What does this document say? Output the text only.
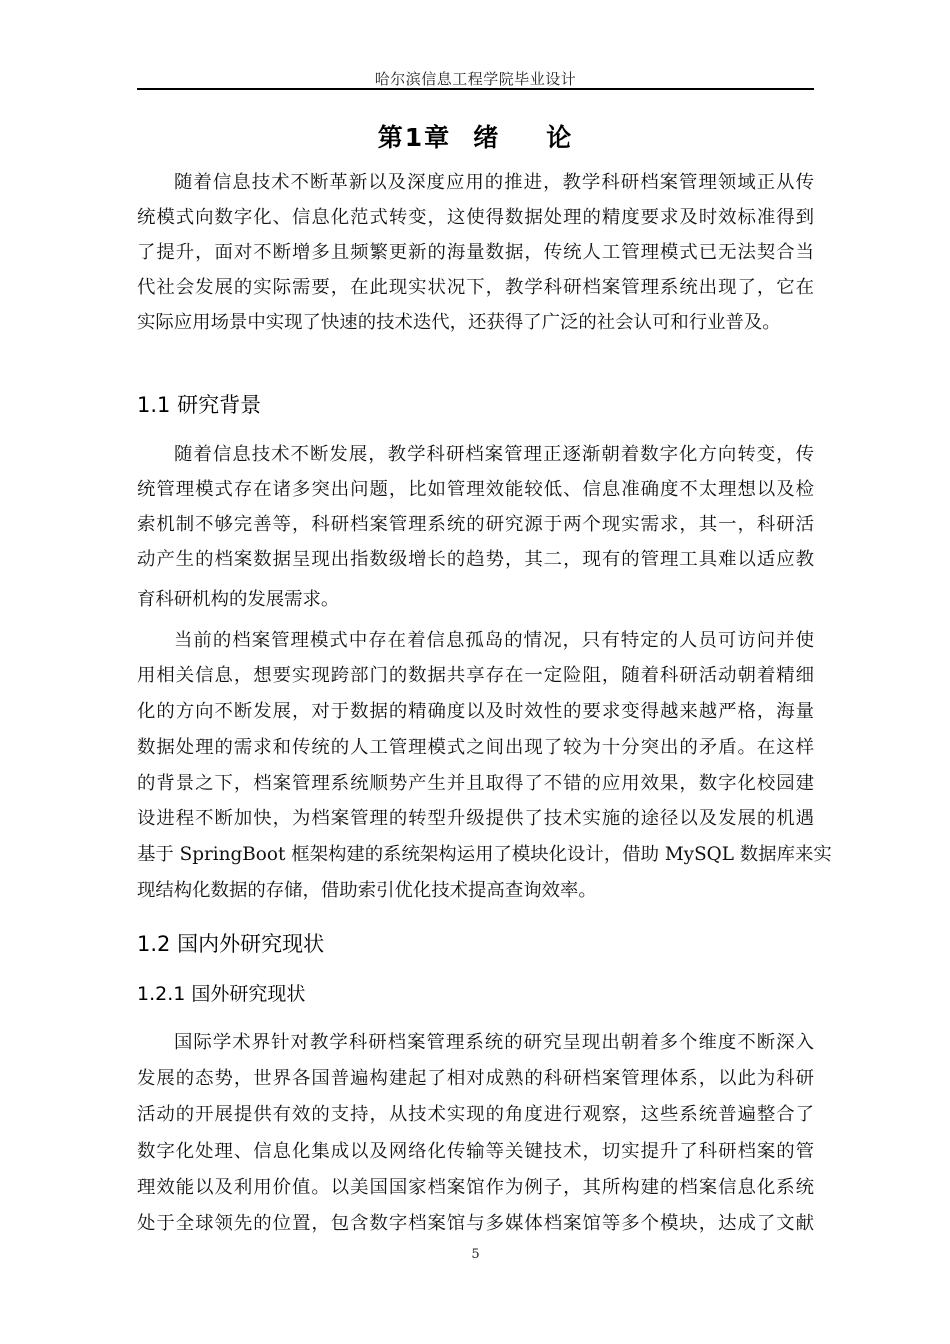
哈尔滨信息工程学院毕业设计
第1章 绪 论
随着信息技术不断革新以及深度应用的推进，教学科研档案管理领域正从传
统模式向数字化、信息化范式转变，这使得数据处理的精度要求及时效标准得到
了提升，面对不断增多且频繁更新的海量数据，传统人工管理模式已无法契合当
代社会发展的实际需要，在此现实状况下，教学科研档案管理系统出现了，它在
实际应用场景中实现了快速的技术迭代，还获得了广泛的社会认可和行业普及。
1.1 研究背景
随着信息技术不断发展，教学科研档案管理正逐渐朝着数字化方向转变，传
统管理模式存在诸多突出问题，比如管理效能较低、信息准确度不太理想以及检
索机制不够完善等，科研档案管理系统的研究源于两个现实需求，其一，科研活
动产生的档案数据呈现出指数级增长的趋势，其二，现有的管理工具难以适应教
育科研机构的发展需求。
当前的档案管理模式中存在着信息孤岛的情况，只有特定的人员可访问并使
用相关信息，想要实现跨部门的数据共享存在一定险阻，随着科研活动朝着精细
化的方向不断发展，对于数据的精确度以及时效性的要求变得越来越严格，海量
数据处理的需求和传统的人工管理模式之间出现了较为十分突出的矛盾。在这样
的背景之下，档案管理系统顺势产生并且取得了不错的应用效果，数字化校园建
设进程不断加快，为档案管理的转型升级提供了技术实施的途径以及发展的机遇
基于 SpringBoot 框架构建的系统架构运用了模块化设计，借助 MySQL 数据库来实
现结构化数据的存储，借助索引优化技术提高查询效率。
1.2 国内外研究现状
1.2.1 国外研究现状
国际学术界针对教学科研档案管理系统的研究呈现出朝着多个维度不断深入
发展的态势，世界各国普遍构建起了相对成熟的科研档案管理体系，以此为科研
活动的开展提供有效的支持，从技术实现的角度进行观察，这些系统普遍整合了
数字化处理、信息化集成以及网络化传输等关键技术，切实提升了科研档案的管
理效能以及利用价值。以美国国家档案馆作为例子，其所构建的档案信息化系统
处于全球领先的位置，包含数字档案馆与多媒体档案馆等多个模块，达成了文献
5
